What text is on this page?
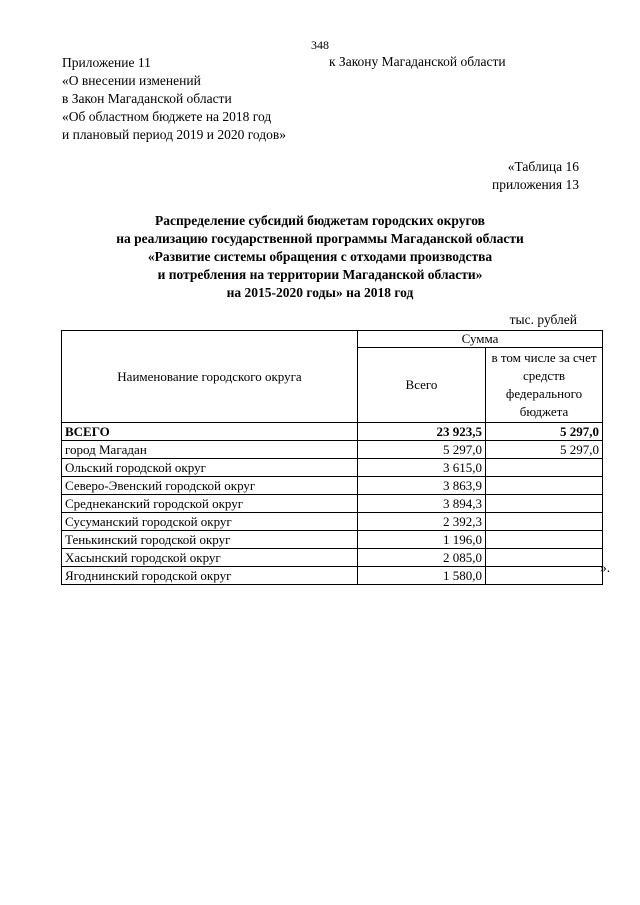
348
Приложение 11
«О внесении изменений
в Закон Магаданской области
«Об областном бюджете на 2018 год
и плановый период 2019 и 2020 годов»
к Закону Магаданской области
«Таблица 16
приложения 13
Распределение субсидий бюджетам городских округов
на реализацию государственной программы Магаданской области
«Развитие системы обращения с отходами производства
и потребления на территории Магаданской области»
на 2015-2020 годы» на 2018 год
тыс. рублей
Наименование городского округа	Сумма	
	Всего	в том числе за счет средств федерального бюджета
ВСЕГО	23 923,5	5 297,0
город Магадан	5 297,0	5 297,0
Ольский городской округ	3 615,0	
Северо-Эвенский городской округ	3 863,9	
Среднеканский городской округ	3 894,3	
Сусуманский городской округ	2 392,3	
Тенькинский городской округ	1 196,0	
Хасынский городской округ	2 085,0	
Ягоднинский городской округ	1 580,0		».
